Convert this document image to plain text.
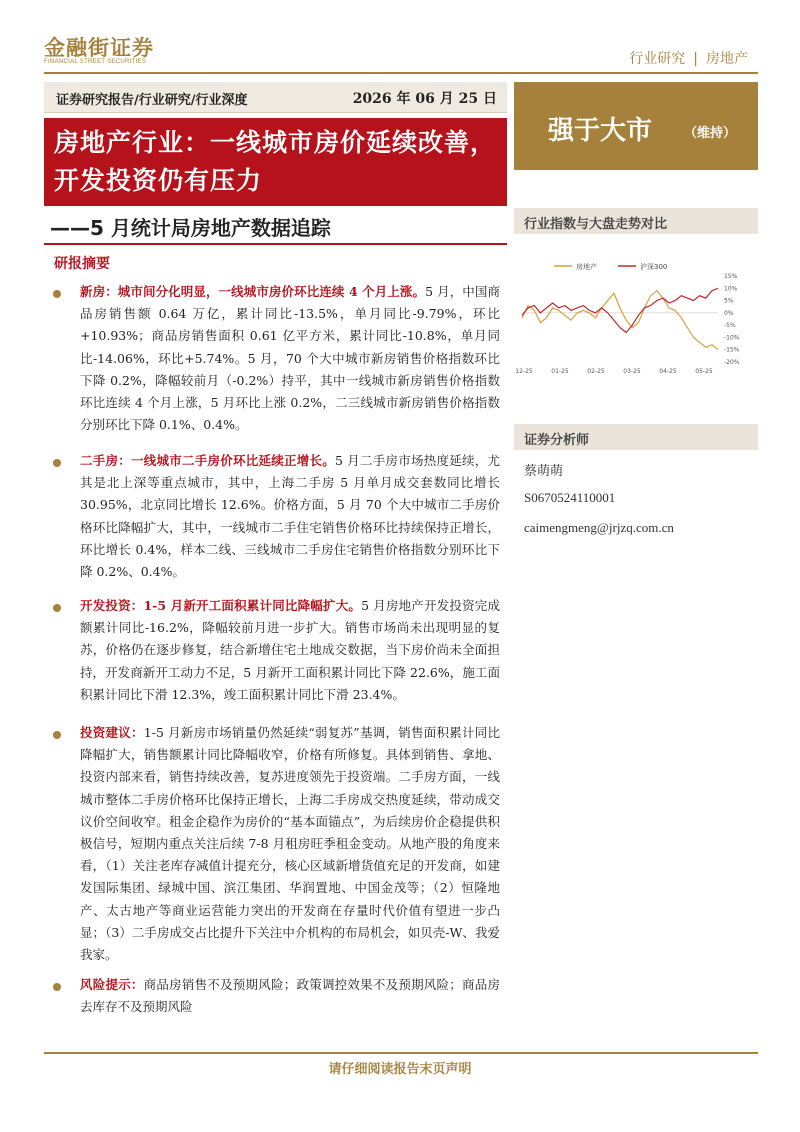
金融街证券
FINANCIAL STREET SECURITIES	行业研究 | 房地产
证券研究报告/行业研究/行业深度	2026 年 06 月 25 日
房地产行业：一线城市房价延续改善，开发投资仍有压力
——5 月统计局房地产数据追踪
研报摘要
新房：城市间分化明显，一线城市房价环比连续 4 个月上涨。5 月，中国商品房销售额 0.64 万亿，累计同比-13.5%，单月同比-9.79%，环比+10.93%；商品房销售面积 0.61 亿平方米，累计同比-10.8%，单月同比-14.06%，环比+5.74%。5 月，70 个大中城市新房销售价格指数环比下降 0.2%，降幅较前月（-0.2%）持平，其中一线城市新房销售价格指数环比连续 4 个月上涨，5 月环比上涨 0.2%，二三线城市新房销售价格指数分别环比下降 0.1%、0.4%。
二手房：一线城市二手房价环比延续正增长。5 月二手房市场热度延续，尤其是北上深等重点城市，其中，上海二手房 5 月单月成交套数同比增长 30.95%，北京同比增长 12.6%。价格方面，5 月 70 个大中城市二手房价格环比降幅扩大，其中，一线城市二手住宅销售价格环比持续保持正增长，环比增长 0.4%，样本二线、三线城市二手房住宅销售价格指数分别环比下降 0.2%、0.4%。
开发投资：1-5 月新开工面积累计同比降幅扩大。5 月房地产开发投资完成额累计同比-16.2%，降幅较前月进一步扩大。销售市场尚未出现明显的复苏，价格仍在逐步修复，结合新增住宅土地成交数据，当下房价尚未全面担持，开发商新开工动力不足，5 月新开工面积累计同比下降 22.6%，施工面积累计同比下滑 12.3%，竣工面积累计同比下滑 23.4%。
投资建议：1-5 月新房市场销量仍然延续“弱复苏”基调，销售面积累计同比降幅扩大，销售额累计同比降幅收窄，价格有所修复。具体到销售、拿地、投资内部来看，销售持续改善，复苏进度领先于投资端。二手房方面，一线城市整体二手房价格环比保持正增长，上海二手房成交热度延续，带动成交议价空间收窄。租金企稳作为房价的“基本面锚点”，为后续房价企稳提供积极信号，短期内重点关注后续 7-8 月租房旺季租金变动。从地产股的角度来看，（1）关注老库存减值计提充分，核心区域新增货值充足的开发商，如建发国际集团、绿城中国、滨江集团、华润置地、中国金茂等；（2）恒隆地产、太古地产等商业运营能力突出的开发商在存量时代价值有望进一步凸显；（3）二手房成交占比提升下关注中介机构的布局机会，如贝壳-W、我爱我家。
风险提示：商品房销售不及预期风险；政策调控效果不及预期风险；商品房去库存不及预期风险
强于大市 （维持）
行业指数与大盘走势对比
房地产	沪深300
15%
10%
5%
0%
-5%
-10%
-15%
-20%
12-25	01-25	02-25	03-25	04-25	05-25
证券分析师
蔡萌萌
S0670524110001
caimengmeng@jrjzq.com.cn
请仔细阅读报告末页声明
